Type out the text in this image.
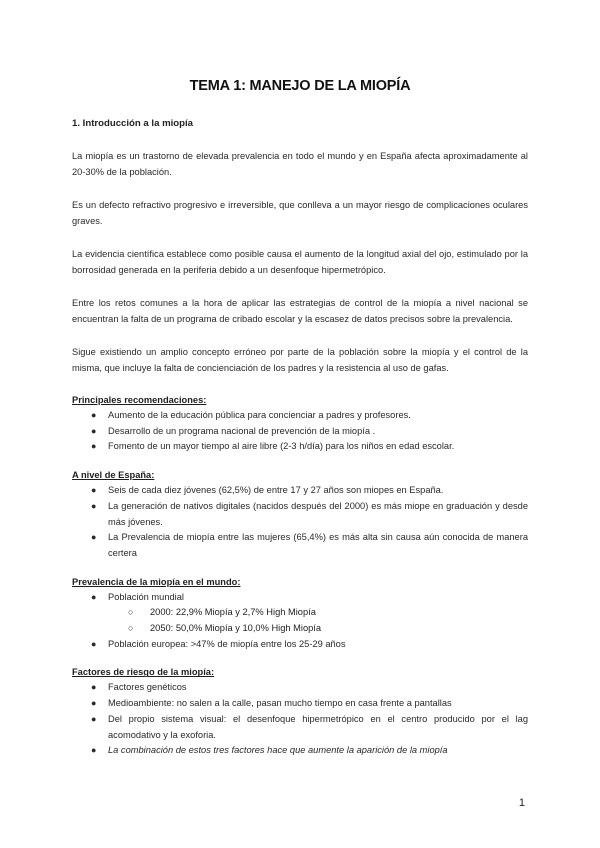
TEMA 1: MANEJO DE LA MIOPÍA
1. Introducción a la miopía

La miopía es un trastorno de elevada prevalencia en todo el mundo y en España afecta aproximadamente al 20-30% de la población.

Es un defecto refractivo progresivo e irreversible, que conlleva a un mayor riesgo de complicaciones oculares graves.

La evidencia científica establece como posible causa el aumento de la longitud axial del ojo, estimulado por la borrosidad generada en la periferia debido a un desenfoque hipermetrópico.

Entre los retos comunes a la hora de aplicar las estrategias de control de la miopía a nivel nacional se encuentran la falta de un programa de cribado escolar y la escasez de datos precisos sobre la prevalencia.

Sigue existiendo un amplio concepto erróneo por parte de la población sobre la miopía y el control de la misma, que incluye la falta de concienciación de los padres y la resistencia al uso de gafas.

Principales recomendaciones:
● Aumento de la educación pública para concienciar a padres y profesores.
● Desarrollo de un programa nacional de prevención de la miopía .
● Fomento de un mayor tiempo al aire libre (2-3 h/día) para los niños en edad escolar.
A nivel de España:
● Seis de cada diez jóvenes (62,5%) de entre 17 y 27 años son miopes en España.
● La generación de nativos digitales (nacidos después del 2000) es más miope en graduación y desde más jóvenes.
● La Prevalencia de miopía entre las mujeres (65,4%) es más alta sin causa aún conocida de manera certera
Prevalencia de la miopía en el mundo:
● Población mundial
○ 2000: 22,9% Miopía y 2,7% High Miopía
○ 2050: 50,0% Miopía y 10,0% High Miopía
● Población europea: >47% de miopía entre los 25-29 años
Factores de riesgo de la miopía:
● Factores genéticos
● Medioambiente: no salen a la calle, pasan mucho tiempo en casa frente a pantallas
● Del propio sistema visual: el desenfoque hipermetrópico en el centro producido por el lag acomodativo y la exoforia.
● La combinación de estos tres factores hace que aumente la aparición de la miopía
1
